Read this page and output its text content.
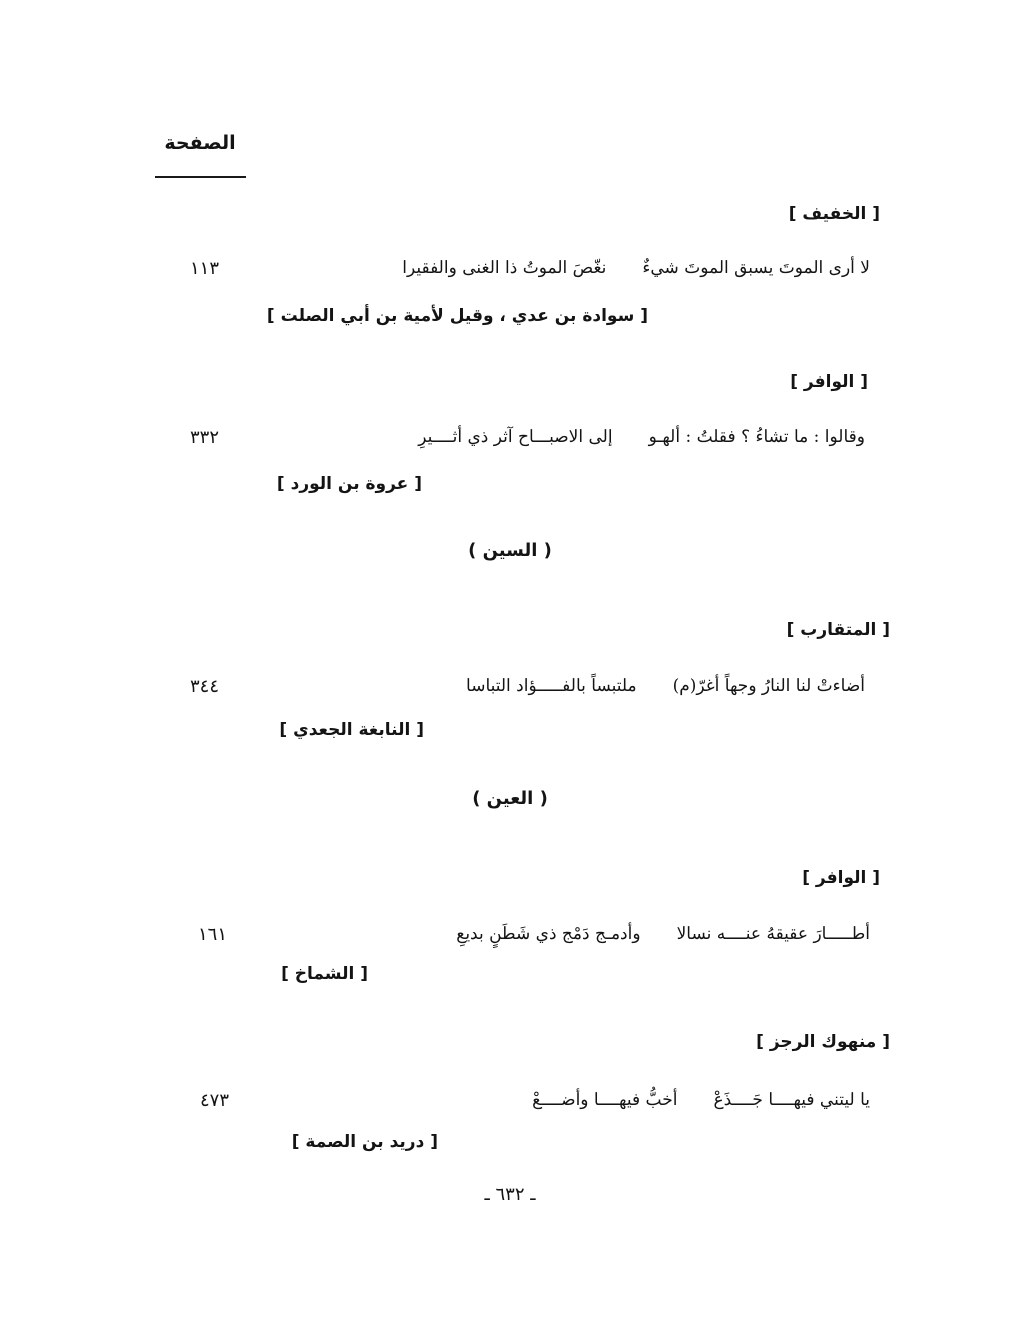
الصفحة
[ الخفيف ]
لا أرى الموتَ يسبق الموتَ شيءٌنغّصَ الموتُ ذا الغنى والفقيرا
١١٣
[ سوادة بن عدي ، وقيل لأمية بن أبي الصلت ]
[ الوافر ]
وقالوا : ما تشاءُ ؟ فقلتُ : ألهـوإلى الاصبـــاح آثر ذي أثــــيرِ
٣٣٢
[ عروة بن الورد ]
( السين )
[ المتقارب ]
أضاءتْ لنا النارُ وجهاً أغرّ(م)ملتبساً بالفـــــؤاد التباسا
٣٤٤
[ النابغة الجعدي ]
( العين )
[ الوافر ]
أطـــــارَ عقيقهُ عنــــه نسالاوأدمـج دَمْج ذي شَطَنٍ بديعِ
١٦١
[ الشماخ ]
[ منهوك الرجز ]
يا ليتني فيهــــا جَــــذَعْأخبُّ فيهــــا وأضــــعْ
٤٧٣
[ دريد بن الصمة ]
ـ ٦٣٢ ـ
